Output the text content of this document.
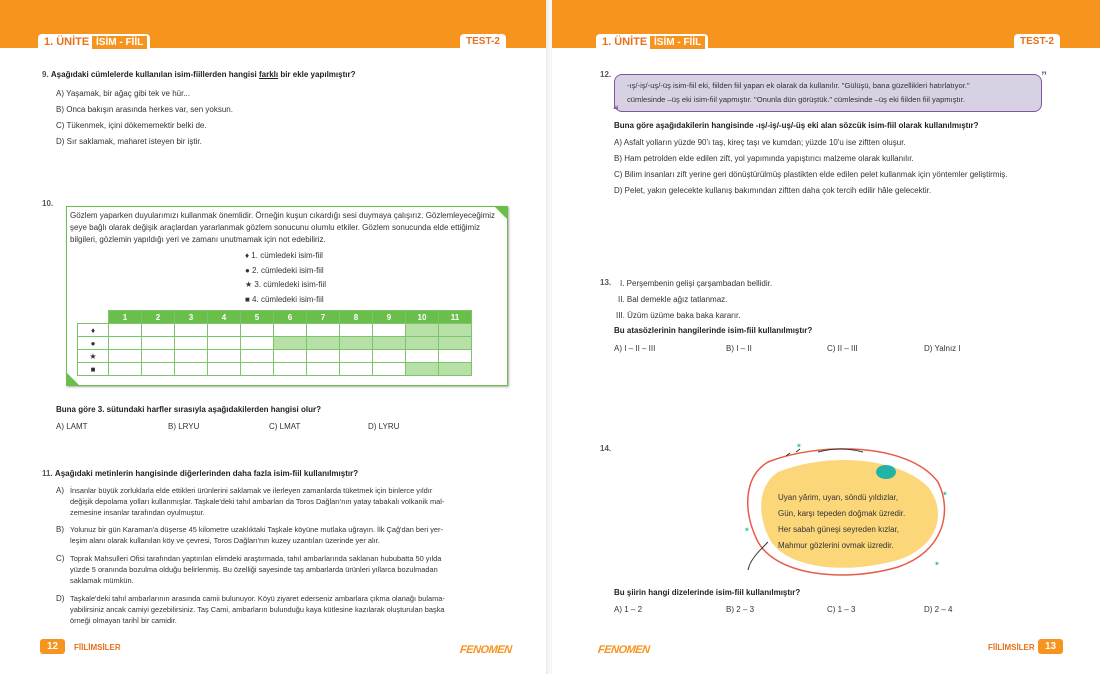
1. ÜNİTE İSİM - FİİL	TEST-2
9. Aşağıdaki cümlelerde kullanılan isim-fiillerden hangisi farklı bir ekle yapılmıştır?
A) Yaşamak, bir ağaç gibi tek ve hür...
B) Onca bakışın arasında herkes var, sen yoksun.
C) Tükenmek, içini dökememektir belki de.
D) Sır saklamak, maharet isteyen bir iştir.
10.
Gözlem yaparken duyularımızı kullanmak önemlidir. Örneğin kuşun cıkardığı sesi duymaya çalışırız. Gözlemleyeceğimiz şeye bağlı olarak değişik araçlardan yararlanmak gözlem sonucunu olumlu etkiler. Gözlem sonucunda elde ettiğimiz bilgileri, gözlemin yapıldığı yeri ve zamanı unutmamak için not edebiliriz.
♦ 1. cümledeki isim-fiil
● 2. cümledeki isim-fiil
★ 3. cümledeki isim-fiil
■ 4. cümledeki isim-fiil
	1	2	3	4	5	6	7	8	9	10	11
♦											
●											
★											
■											
Buna göre 3. sütundaki harfler sırasıyla aşağıdakilerden hangisi olur?
A) LAMT	B) LRYU	C) LMAT	D) LYRU
11. Aşağıdaki metinlerin hangisinde diğerlerinden daha fazla isim-fiil kullanılmıştır?
A) İnsanlar büyük zorluklarla elde ettikleri ürünlerini saklamak ve ilerleyen zamanlarda tüketmek için binlerce yıldır
değişik depolama yolları kullanmışlar. Taşkale'deki tahıl ambarları da Toros Dağları'nın yatay tabakalı volkanik mal-
zemesine insanlar tarafından oyulmuştur.
B) Yolunuz bir gün Karaman'a düşerse 45 kilometre uzaklıktaki Taşkale köyüne mutlaka uğrayın. İlk Çağ'dan beri yer-
leşim alanı olarak kullanılan köy ve çevresi, Toros Dağları'nın kuzey uzantıları üzerinde yer alır.
C) Toprak Mahsulleri Ofisi tarafından yaptırılan elimdeki araştırmada, tahıl ambarlarında saklanan hububatta 50 yılda
yüzde 5 oranında bozulma olduğu belirlenmiş. Bu özelliği sayesinde taş ambarlarda ürünleri yıllarca bozulmadan
saklamak mümkün.
D) Taşkale'deki tahıl ambarlarının arasında camii bulunuyor. Köyü ziyaret ederseniz ambarlara çıkma olanağı bulama-
yabilirsiniz ancak camiyi gezebilirsiniz. Taş Cami, ambarların bulunduğu kaya kütlesine kazılarak oluşturulan başka
örneği olmayan tarihî bir camidir.
12	FİİLİMSİLER	FENOMEN
1. ÜNİTE İSİM - FİİL	TEST-2
12.
-ış/-iş/-uş/-üş isim-fiil eki, fiilden fiil yapan ek olarak da kullanılır. "Gülüşü, bana güzellikleri hatırlatıyor."
cümlesinde –üş eki isim-fiil yapmıştır. "Onunla dün görüştük." cümlesinde –üş eki fiilden fiil yapmıştır.
“
”
Buna göre aşağıdakilerin hangisinde -ış/-iş/-uş/-üş eki alan sözcük isim-fiil olarak kullanılmıştır?
A) Asfalt yolların yüzde 90'ı taş, kireç taşı ve kumdan; yüzde 10'u ise ziftten oluşur.
B) Ham petrolden elde edilen zift, yol yapımında yapıştırıcı malzeme olarak kullanılır.
C) Bilim insanları zift yerine geri dönüştürülmüş plastikten elde edilen pelet kullanmak için yöntemler geliştirmiş.
D) Pelet, yakın gelecekte kullanış bakımından ziftten daha çok tercih edilir hâle gelecektir.
13. I. Perşembenin gelişi çarşambadan bellidir.
II. Bal demekle ağız tatlanmaz.
III. Üzüm üzüme baka baka kararır.
Bu atasözlerinin hangilerinde isim-fiil kullanılmıştır?
A) I – II – III	B) I – II	C) II – III	D) Yalnız I
14.	✶
✶
✶
✶
Uyan yârim, uyan, söndü yıldızlar,
Gün, karşı tepeden doğmak üzredir.
Her sabah güneşi seyreden kızlar,
Mahmur gözlerini ovmak üzredir.
Bu şiirin hangi dizelerinde isim-fiil kullanılmıştır?
A) 1 – 2	B) 2 – 3	C) 1 – 3	D) 2 – 4
FENOMEN	FİİLİMSİLER	13
